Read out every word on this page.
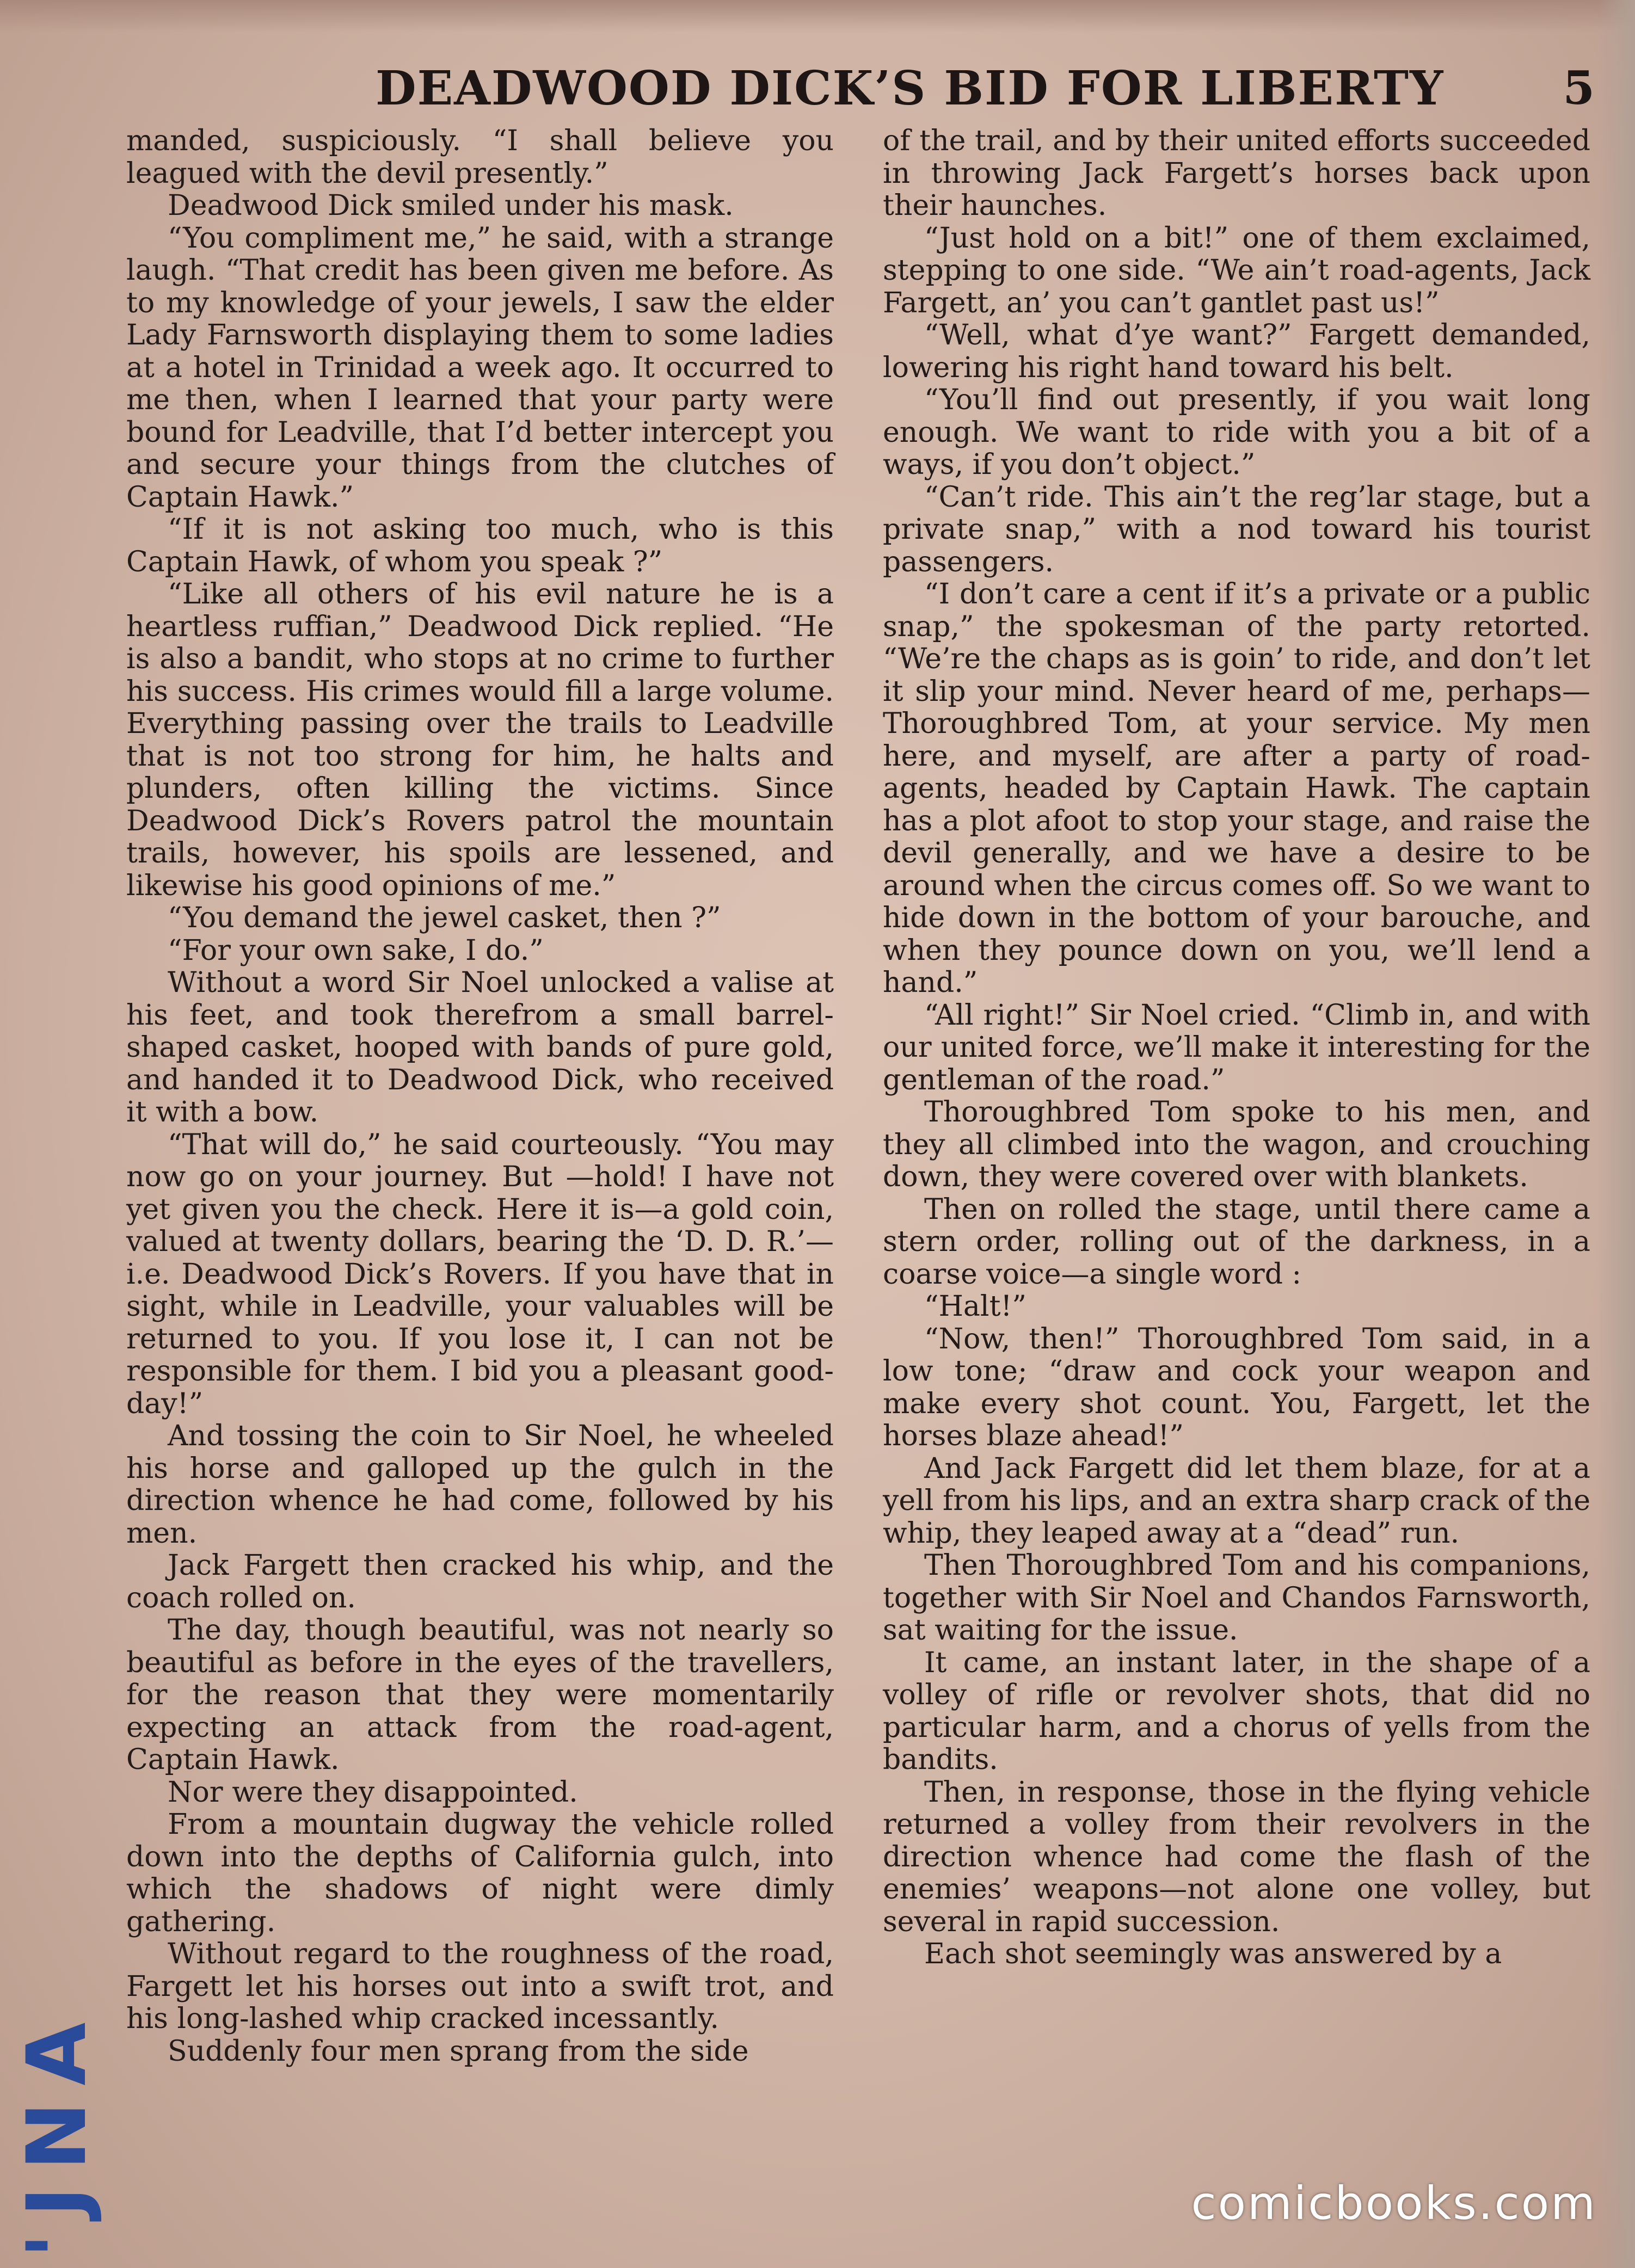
DEADWOOD DICK’S BID FOR LIBERTY	5

manded, suspiciously. “I shall believe you leagued with the devil presently.”

Deadwood Dick smiled under his mask.

“You compliment me,” he said, with a strange laugh. “That credit has been given me before. As to my knowledge of your jewels, I saw the elder Lady Farnsworth displaying them to some ladies at a hotel in Trinidad a week ago. It occurred to me then, when I learned that your party were bound for Leadville, that I’d better intercept you and secure your things from the clutches of Captain Hawk.”

“If it is not asking too much, who is this Captain Hawk, of whom you speak ?”

“Like all others of his evil nature he is a heartless ruffian,” Deadwood Dick replied. “He is also a bandit, who stops at no crime to further his success. His crimes would fill a large volume. Everything passing over the trails to Leadville that is not too strong for him, he halts and plunders, often killing the victims. Since Deadwood Dick’s Rovers patrol the mountain trails, however, his spoils are lessened, and likewise his good opinions of me.”

“You demand the jewel casket, then ?”

“For your own sake, I do.”

Without a word Sir Noel unlocked a valise at his feet, and took therefrom a small barrel-shaped casket, hooped with bands of pure gold, and handed it to Deadwood Dick, who received it with a bow.

“That will do,” he said courteously. “You may now go on your journey. But —hold! I have not yet given you the check. Here it is—a gold coin, valued at twenty dollars, bearing the ‘D. D. R.’—i.e. Deadwood Dick’s Rovers. If you have that in sight, while in Leadville, your valuables will be returned to you. If you lose it, I can not be responsible for them. I bid you a pleasant good-day!”

And tossing the coin to Sir Noel, he wheeled his horse and galloped up the gulch in the direction whence he had come, followed by his men.

Jack Fargett then cracked his whip, and the coach rolled on.

The day, though beautiful, was not nearly so beautiful as before in the eyes of the travellers, for the reason that they were momentarily expecting an attack from the road-agent, Captain Hawk.

Nor were they disappointed.

From a mountain dugway the vehicle rolled down into the depths of California gulch, into which the shadows of night were dimly gathering.

Without regard to the roughness of the road, Fargett let his horses out into a swift trot, and his long-lashed whip cracked incessantly.

Suddenly four men sprang from the side

of the trail, and by their united efforts succeeded in throwing Jack Fargett’s horses back upon their haunches.

“Just hold on a bit!” one of them exclaimed, stepping to one side. “We ain’t road-agents, Jack Fargett, an’ you can’t gantlet past us!”

“Well, what d’ye want?” Fargett demanded, lowering his right hand toward his belt.

“You’ll find out presently, if you wait long enough. We want to ride with you a bit of a ways, if you don’t object.”

“Can’t ride. This ain’t the reg’lar stage, but a private snap,” with a nod toward his tourist passengers.

“I don’t care a cent if it’s a private or a public snap,” the spokesman of the party retorted. “We’re the chaps as is goin’ to ride, and don’t let it slip your mind. Never heard of me, perhaps—Thoroughbred Tom, at your service. My men here, and myself, are after a party of road-agents, headed by Captain Hawk. The captain has a plot afoot to stop your stage, and raise the devil generally, and we have a desire to be around when the circus comes off. So we want to hide down in the bottom of your barouche, and when they pounce down on you, we’ll lend a hand.”

“All right!” Sir Noel cried. “Climb in, and with our united force, we’ll make it interesting for the gentleman of the road.”

Thoroughbred Tom spoke to his men, and they all climbed into the wagon, and crouching down, they were covered over with blankets.

Then on rolled the stage, until there came a stern order, rolling out of the darkness, in a coarse voice—a single word :

“Halt!”

“Now, then!” Thoroughbred Tom said, in a low tone; “draw and cock your weapon and make every shot count. You, Fargett, let the horses blaze ahead!”

And Jack Fargett did let them blaze, for at a yell from his lips, and an extra sharp crack of the whip, they leaped away at a “dead” run.

Then Thoroughbred Tom and his companions, together with Sir Noel and Chandos Farnsworth, sat waiting for the issue.

It came, an instant later, in the shape of a volley of rifle or revolver shots, that did no particular harm, and a chorus of yells from the bandits.

Then, in response, those in the flying vehicle returned a volley from their revolvers in the direction whence had come the flash of the enemies’ weapons—not alone one volley, but several in rapid succession.

Each shot seemingly was answered by a

'JNA	comicbooks.com
